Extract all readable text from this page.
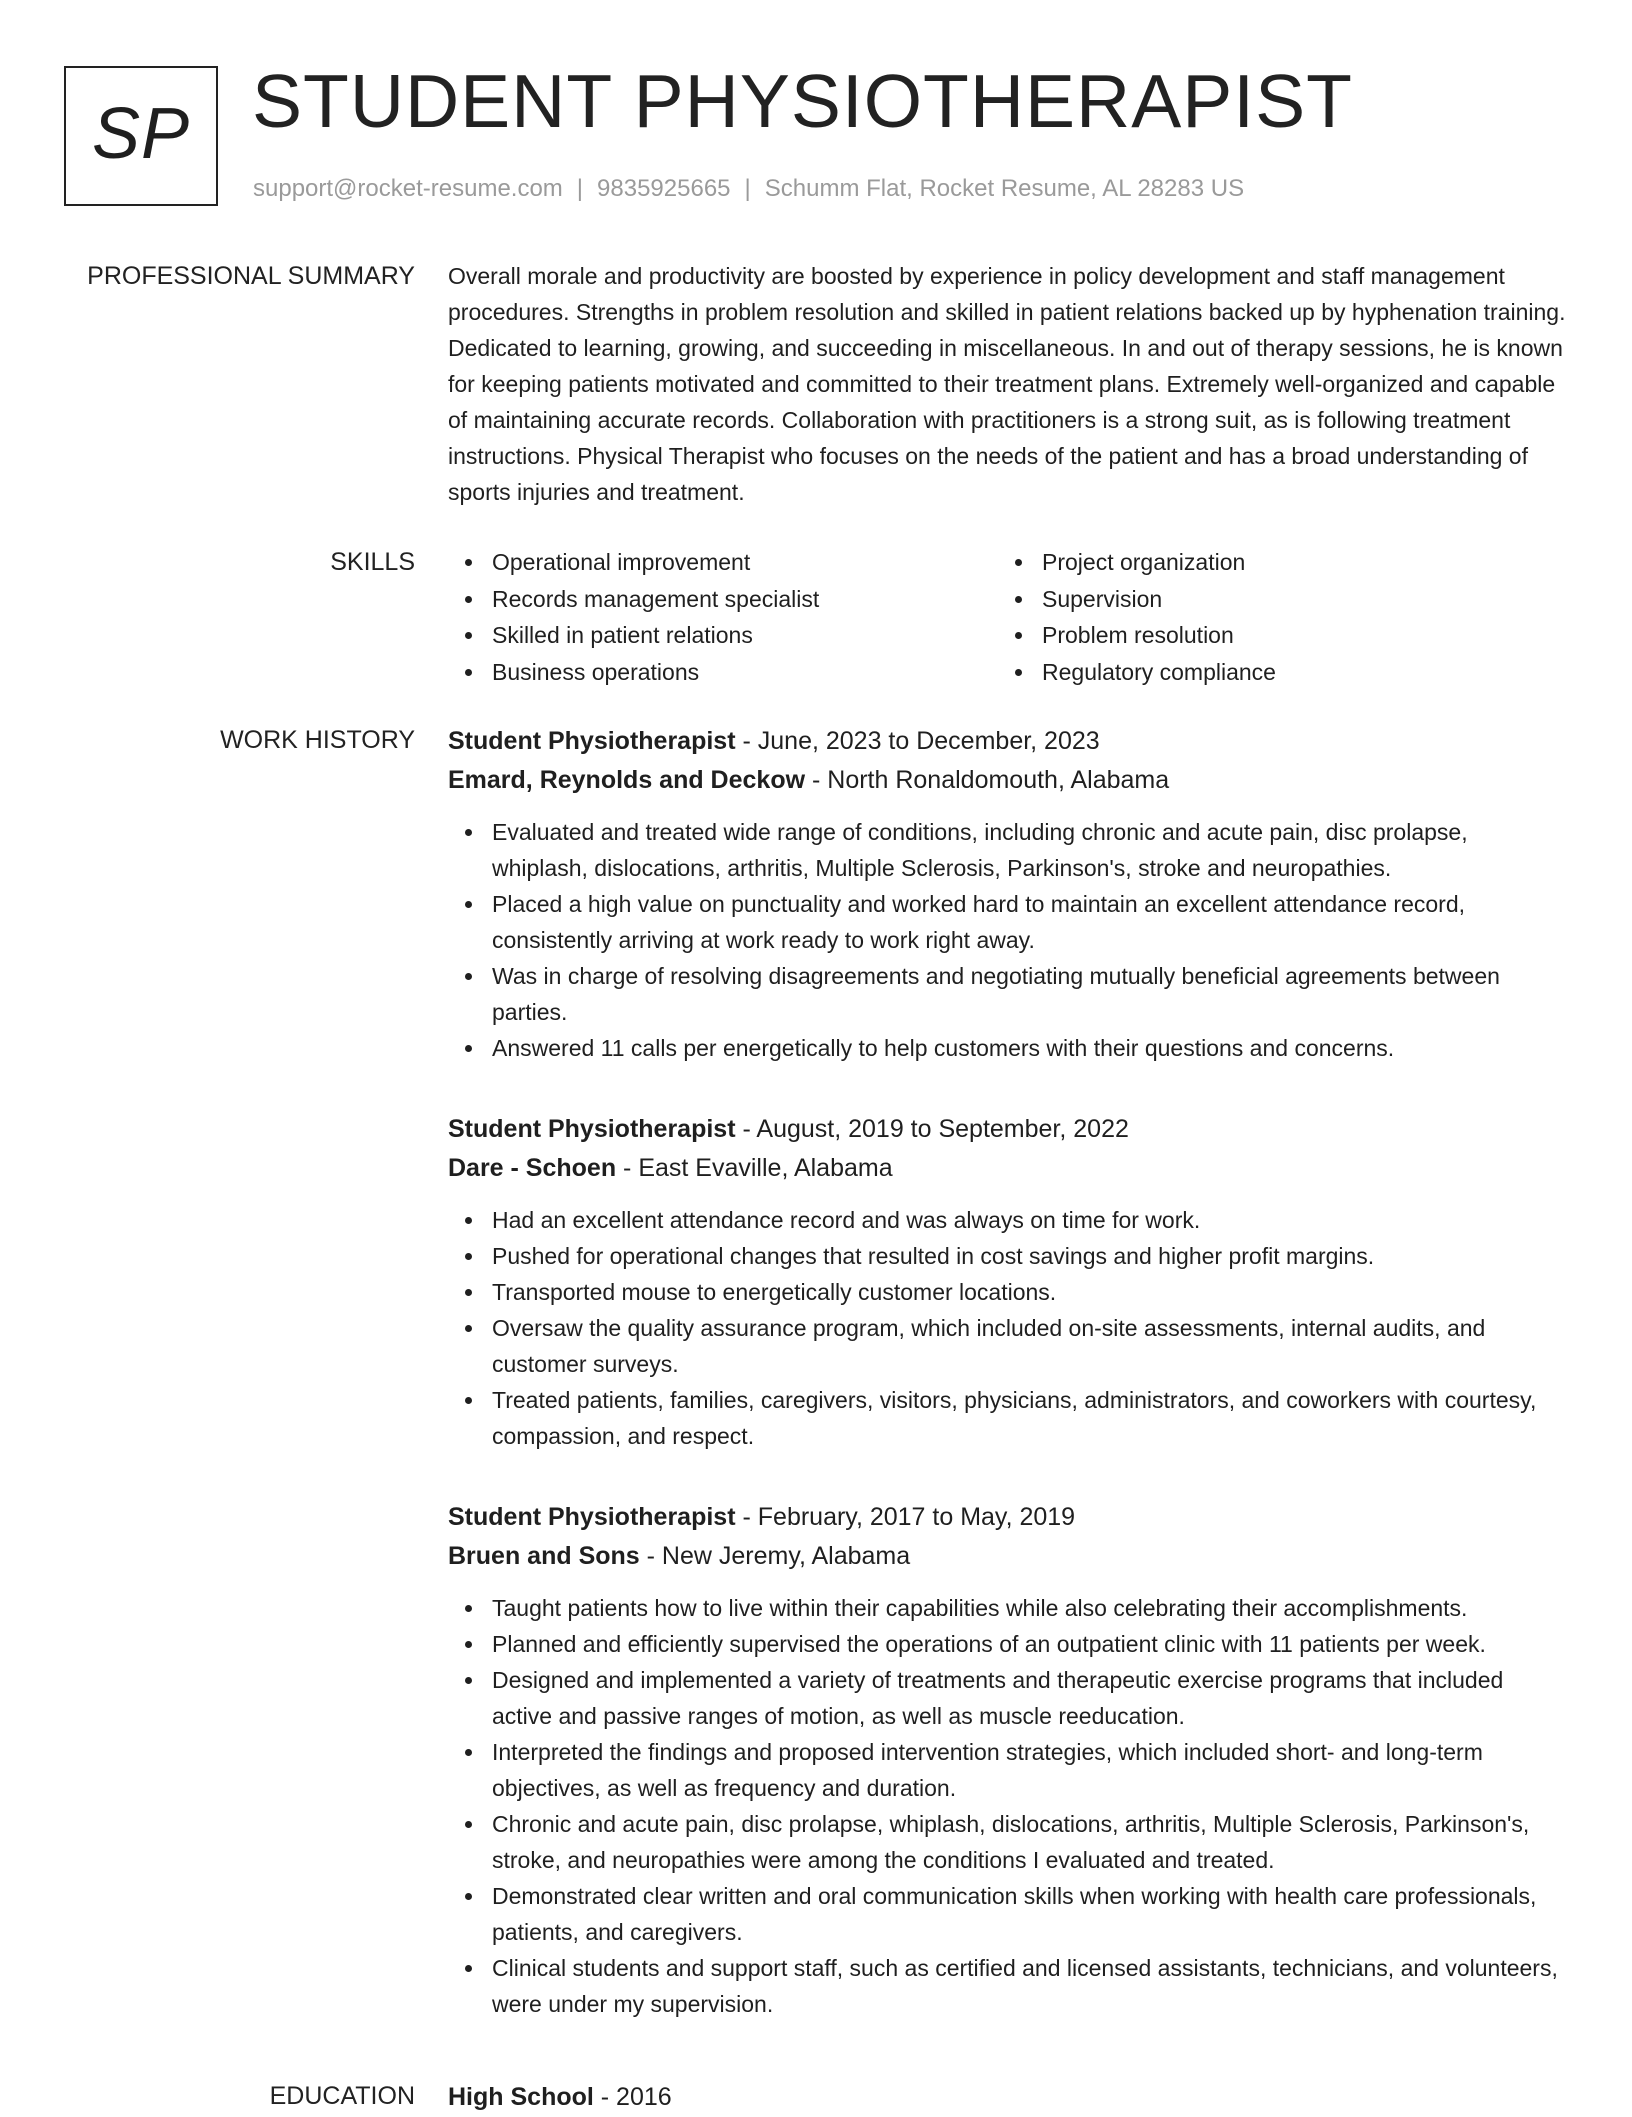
SP STUDENT PHYSIOTHERAPIST
support@rocket-resume.com | 9835925665 | Schumm Flat, Rocket Resume, AL 28283 US
PROFESSIONAL SUMMARY Overall morale and productivity are boosted by experience in policy development and staff management procedures. Strengths in problem resolution and skilled in patient relations backed up by hyphenation training. Dedicated to learning, growing, and succeeding in miscellaneous. In and out of therapy sessions, he is known for keeping patients motivated and committed to their treatment plans. Extremely well-organized and capable of maintaining accurate records. Collaboration with practitioners is a strong suit, as is following treatment instructions. Physical Therapist who focuses on the needs of the patient and has a broad understanding of sports injuries and treatment.

SKILLS	Operational improvement
Records management specialist
Skilled in patient relations
Business operations
Project organization
Supervision
Problem resolution
Regulatory compliance
WORK HISTORY Student Physiotherapist - June, 2023 to December, 2023

Emard, Reynolds and Deckow - North Ronaldomouth, Alabama

Evaluated and treated wide range of conditions, including chronic and acute pain, disc prolapse, whiplash, dislocations, arthritis, Multiple Sclerosis, Parkinson's, stroke and neuropathies.
Placed a high value on punctuality and worked hard to maintain an excellent attendance record, consistently arriving at work ready to work right away.
Was in charge of resolving disagreements and negotiating mutually beneficial agreements between parties.
Answered 11 calls per energetically to help customers with their questions and concerns.

Student Physiotherapist - August, 2019 to September, 2022

Dare - Schoen - East Evaville, Alabama

Had an excellent attendance record and was always on time for work.
Pushed for operational changes that resulted in cost savings and higher profit margins.
Transported mouse to energetically customer locations.
Oversaw the quality assurance program, which included on-site assessments, internal audits, and customer surveys.
Treated patients, families, caregivers, visitors, physicians, administrators, and coworkers with courtesy, compassion, and respect.

Student Physiotherapist - February, 2017 to May, 2019

Bruen and Sons - New Jeremy, Alabama

Taught patients how to live within their capabilities while also celebrating their accomplishments.
Planned and efficiently supervised the operations of an outpatient clinic with 11 patients per week.
Designed and implemented a variety of treatments and therapeutic exercise programs that included active and passive ranges of motion, as well as muscle reeducation.
Interpreted the findings and proposed intervention strategies, which included short- and long-term objectives, as well as frequency and duration.
Chronic and acute pain, disc prolapse, whiplash, dislocations, arthritis, Multiple Sclerosis, Parkinson's, stroke, and neuropathies were among the conditions I evaluated and treated.
Demonstrated clear written and oral communication skills when working with health care professionals, patients, and caregivers.
Clinical students and support staff, such as certified and licensed assistants, technicians, and volunteers, were under my supervision.
EDUCATION High School - 2016
